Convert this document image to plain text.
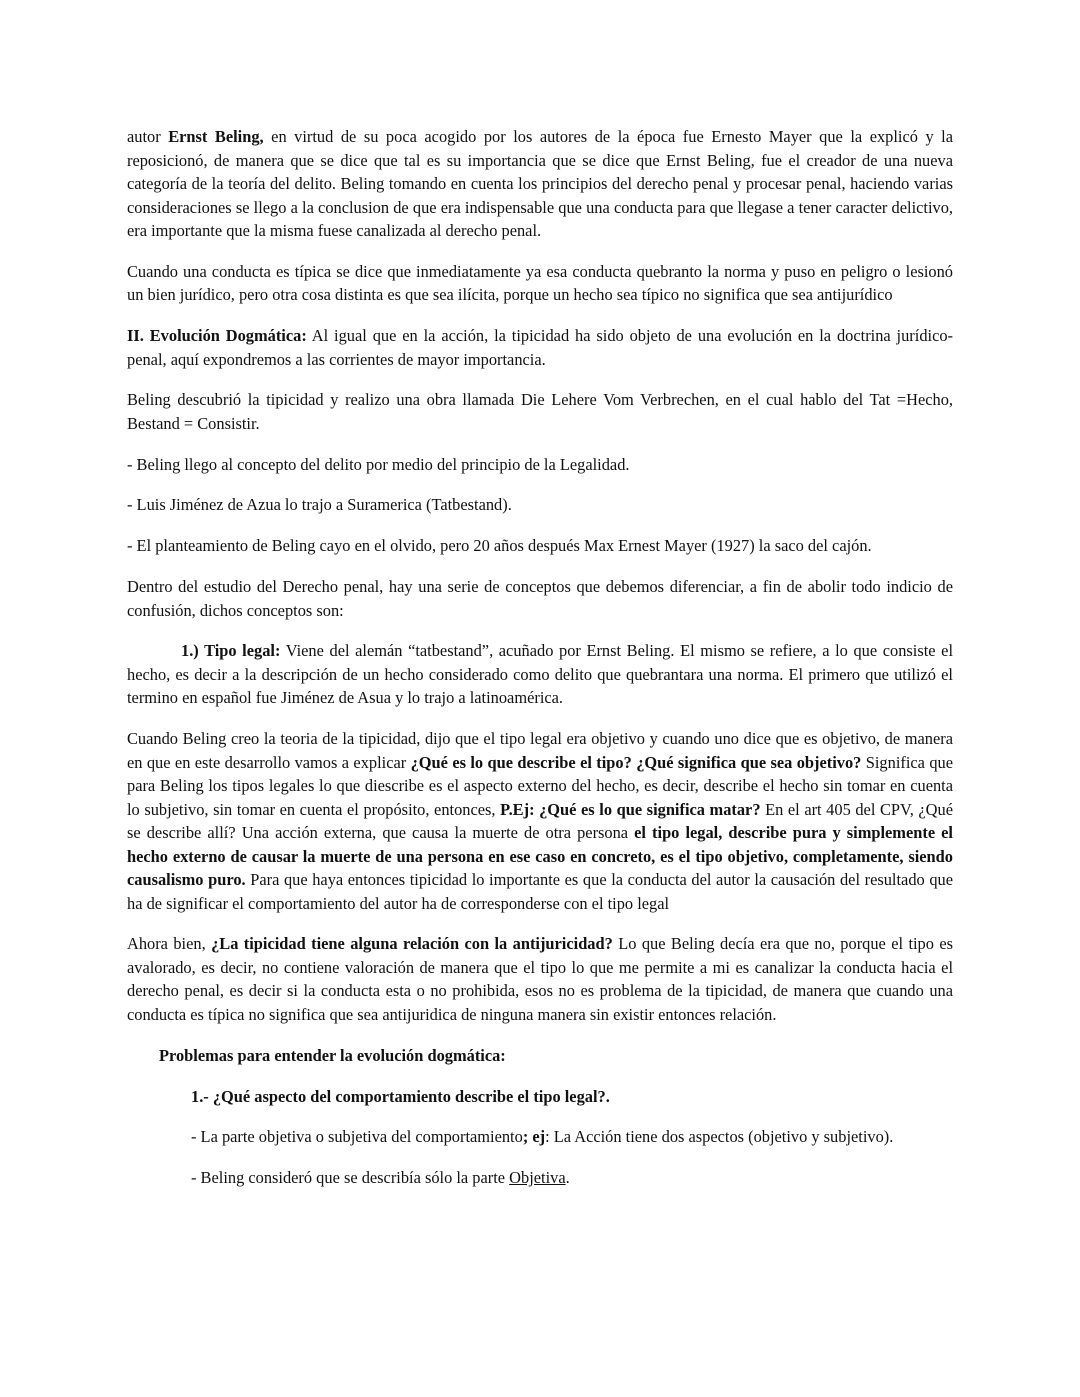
autor Ernst Beling, en virtud de su poca acogido por los autores de la época fue Ernesto Mayer que la explicó y la reposicionó, de manera que se dice que tal es su importancia que se dice que Ernst Beling, fue el creador de una nueva categoría de la teoría del delito. Beling tomando en cuenta los principios del derecho penal y procesar penal, haciendo varias consideraciones se llego a la conclusion de que era indispensable que una conducta para que llegase a tener caracter delictivo, era importante que la misma fuese canalizada al derecho penal.

Cuando una conducta es típica se dice que inmediatamente ya esa conducta quebranto la norma y puso en peligro o lesionó un bien jurídico, pero otra cosa distinta es que sea ilícita, porque un hecho sea típico no significa que sea antijurídico

II. Evolución Dogmática: Al igual que en la acción, la tipicidad ha sido objeto de una evolución en la doctrina jurídico-penal, aquí expondremos a las corrientes de mayor importancia.

Beling descubrió la tipicidad y realizo una obra llamada Die Lehere Vom Verbrechen, en el cual hablo del Tat =Hecho, Bestand = Consistir.

- Beling llego al concepto del delito por medio del principio de la Legalidad.

- Luis Jiménez de Azua lo trajo a Suramerica (Tatbestand).

- El planteamiento de Beling cayo en el olvido, pero 20 años después Max Ernest Mayer (1927) la saco del cajón.

Dentro del estudio del Derecho penal, hay una serie de conceptos que debemos diferenciar, a fin de abolir todo indicio de confusión, dichos conceptos son:

1.) Tipo legal: Viene del alemán “tatbestand”, acuñado por Ernst Beling. El mismo se refiere, a lo que consiste el hecho, es decir a la descripción de un hecho considerado como delito que quebrantara una norma. El primero que utilizó el termino en español fue Jiménez de Asua y lo trajo a latinoamérica.

Cuando Beling creo la teoria de la tipicidad, dijo que el tipo legal era objetivo y cuando uno dice que es objetivo, de manera en que en este desarrollo vamos a explicar ¿Qué es lo que describe el tipo? ¿Qué significa que sea objetivo? Significa que para Beling los tipos legales lo que diescribe es el aspecto externo del hecho, es decir, describe el hecho sin tomar en cuenta lo subjetivo, sin tomar en cuenta el propósito, entonces, P.Ej: ¿Qué es lo que significa matar? En el art 405 del CPV, ¿Qué se describe allí? Una acción externa, que causa la muerte de otra persona el tipo legal, describe pura y simplemente el hecho externo de causar la muerte de una persona en ese caso en concreto, es el tipo objetivo, completamente, siendo causalismo puro. Para que haya entonces tipicidad lo importante es que la conducta del autor la causación del resultado que ha de significar el comportamiento del autor ha de corresponderse con el tipo legal

Ahora bien, ¿La tipicidad tiene alguna relación con la antijuricidad? Lo que Beling decía era que no, porque el tipo es avalorado, es decir, no contiene valoración de manera que el tipo lo que me permite a mi es canalizar la conducta hacia el derecho penal, es decir si la conducta esta o no prohibida, esos no es problema de la tipicidad, de manera que cuando una conducta es típica no significa que sea antijuridica de ninguna manera sin existir entonces relación.

Problemas para entender la evolución dogmática:

1.- ¿Qué aspecto del comportamiento describe el tipo legal?.

- La parte objetiva o subjetiva del comportamiento; ej: La Acción tiene dos aspectos (objetivo y subjetivo).

- Beling consideró que se describía sólo la parte Objetiva.
